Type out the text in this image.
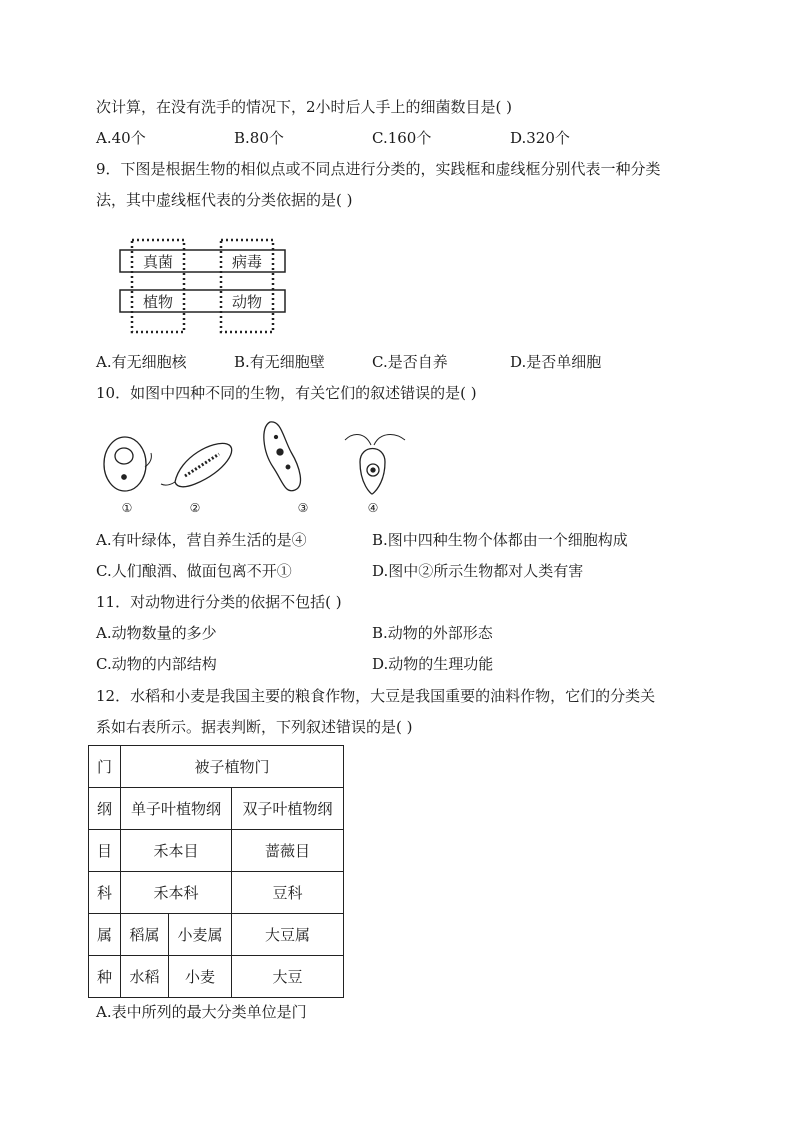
次计算，在没有洗手的情况下，2小时后人手上的细菌数目是( )
A.40个	B.80个	C.160个	D.320个
9．下图是根据生物的相似点或不同点进行分类的，实践框和虚线框分别代表一种分类
法，其中虚线框代表的分类依据的是( )
真菌	病毒
植物	动物
A.有无细胞核	B.有无细胞壁	C.是否自养	D.是否单细胞
10．如图中四种不同的生物，有关它们的叙述错误的是( )
①	②	③	④
A.有叶绿体，营自养生活的是④	B.图中四种生物个体都由一个细胞构成
C.人们酿酒、做面包离不开①	D.图中②所示生物都对人类有害
11．对动物进行分类的依据不包括( )
A.动物数量的多少	B.动物的外部形态
C.动物的内部结构	D.动物的生理功能
12．水稻和小麦是我国主要的粮食作物，大豆是我国重要的油料作物，它们的分类关
系如右表所示。据表判断，下列叙述错误的是( )
门	被子植物门		
纲	单子叶植物纲		双子叶植物纲
目	禾本目		蔷薇目
科	禾本科		豆科
属	稻属	小麦属	大豆属
种	水稻	小麦	大豆
A.表中所列的最大分类单位是门
